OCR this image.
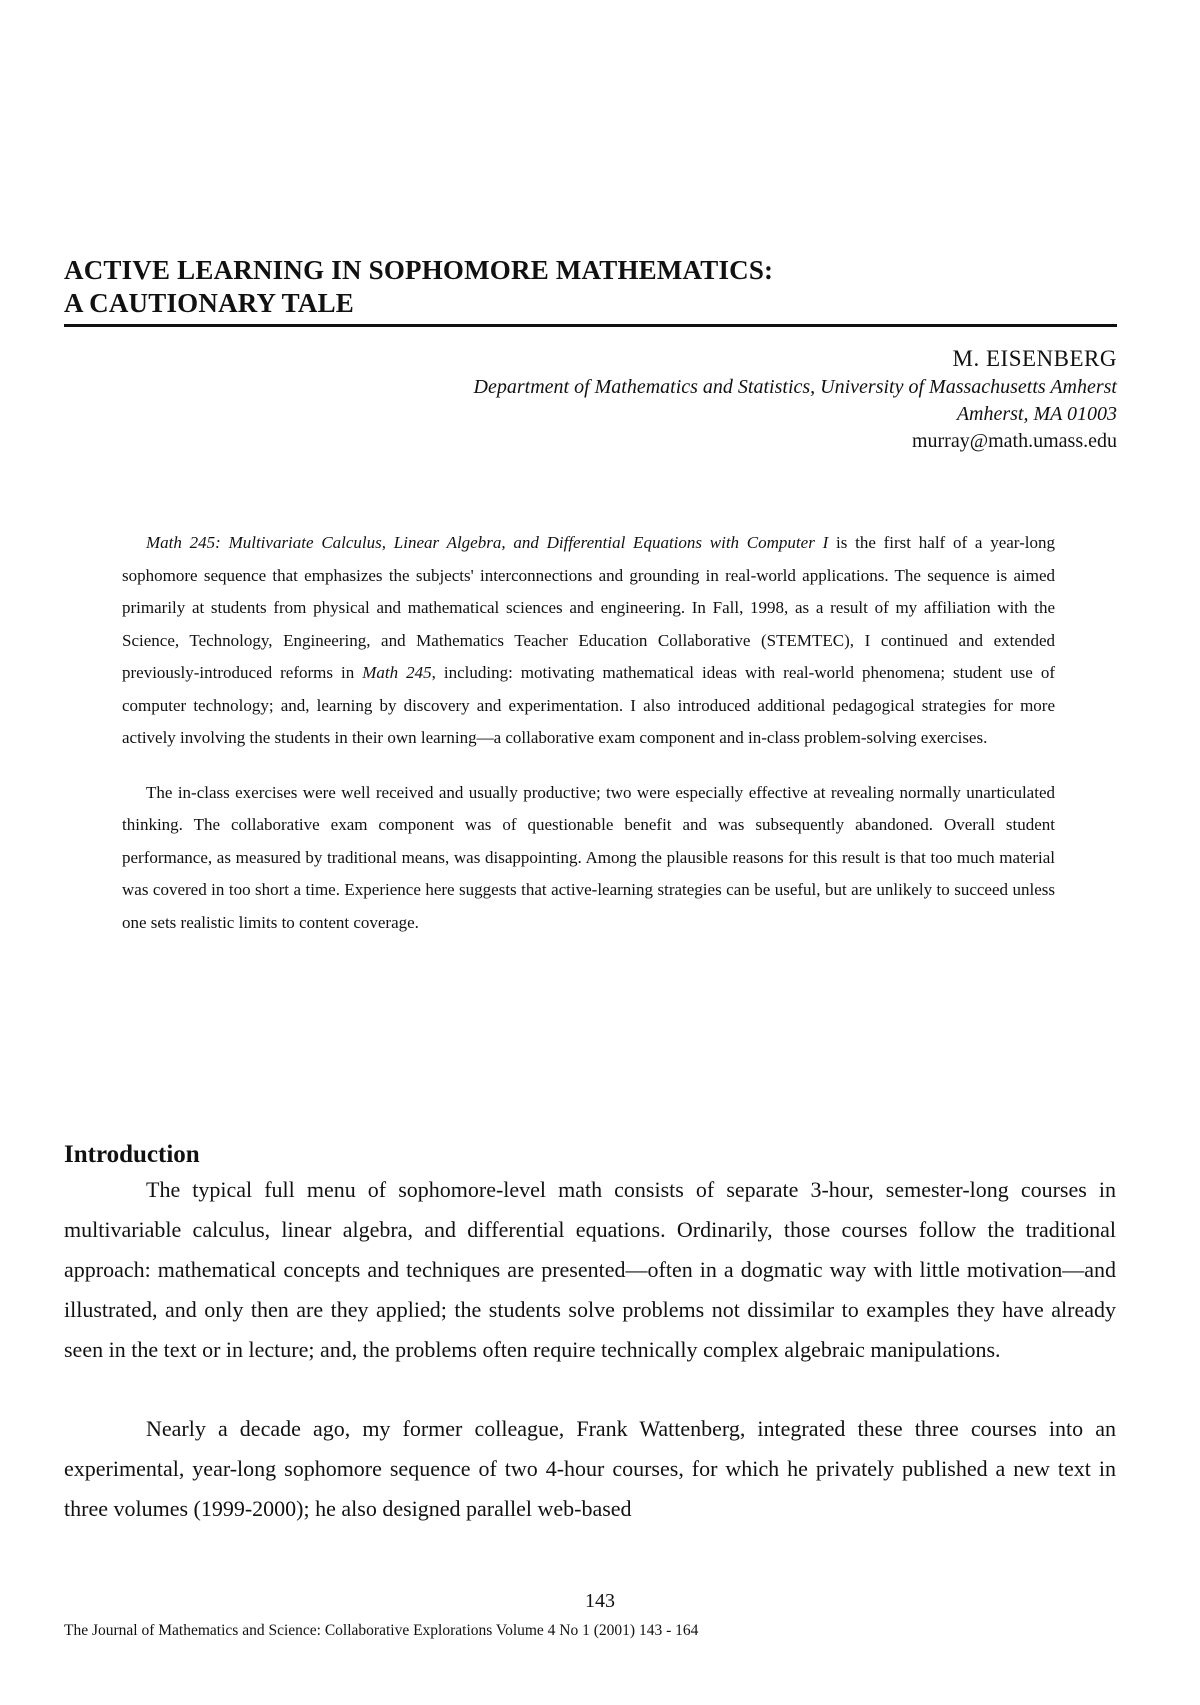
ACTIVE LEARNING IN SOPHOMORE MATHEMATICS:
A CAUTIONARY TALE
M. EISENBERG
Department of Mathematics and Statistics, University of Massachusetts Amherst
Amherst, MA 01003
murray@math.umass.edu

Math 245: Multivariate Calculus, Linear Algebra, and Differential Equations with Computer I is the first half of a year-long sophomore sequence that emphasizes the subjects' interconnections and grounding in real-world applications. The sequence is aimed primarily at students from physical and mathematical sciences and engineering. In Fall, 1998, as a result of my affiliation with the Science, Technology, Engineering, and Mathematics Teacher Education Collaborative (STEMTEC), I continued and extended previously-introduced reforms in Math 245, including: motivating mathematical ideas with real-world phenomena; student use of computer technology; and, learning by discovery and experimentation. I also introduced additional pedagogical strategies for more actively involving the students in their own learning—a collaborative exam component and in-class problem-solving exercises.

The in-class exercises were well received and usually productive; two were especially effective at revealing normally unarticulated thinking. The collaborative exam component was of questionable benefit and was subsequently abandoned. Overall student performance, as measured by traditional means, was disappointing. Among the plausible reasons for this result is that too much material was covered in too short a time. Experience here suggests that active-learning strategies can be useful, but are unlikely to succeed unless one sets realistic limits to content coverage.

Introduction

The typical full menu of sophomore-level math consists of separate 3-hour, semester-long courses in multivariable calculus, linear algebra, and differential equations. Ordinarily, those courses follow the traditional approach: mathematical concepts and techniques are presented—often in a dogmatic way with little motivation—and illustrated, and only then are they applied; the students solve problems not dissimilar to examples they have already seen in the text or in lecture; and, the problems often require technically complex algebraic manipulations.

Nearly a decade ago, my former colleague, Frank Wattenberg, integrated these three courses into an experimental, year-long sophomore sequence of two 4-hour courses, for which he privately published a new text in three volumes (1999-2000); he also designed parallel web-based

143
The Journal of Mathematics and Science: Collaborative Explorations Volume 4 No 1 (2001) 143 - 164
